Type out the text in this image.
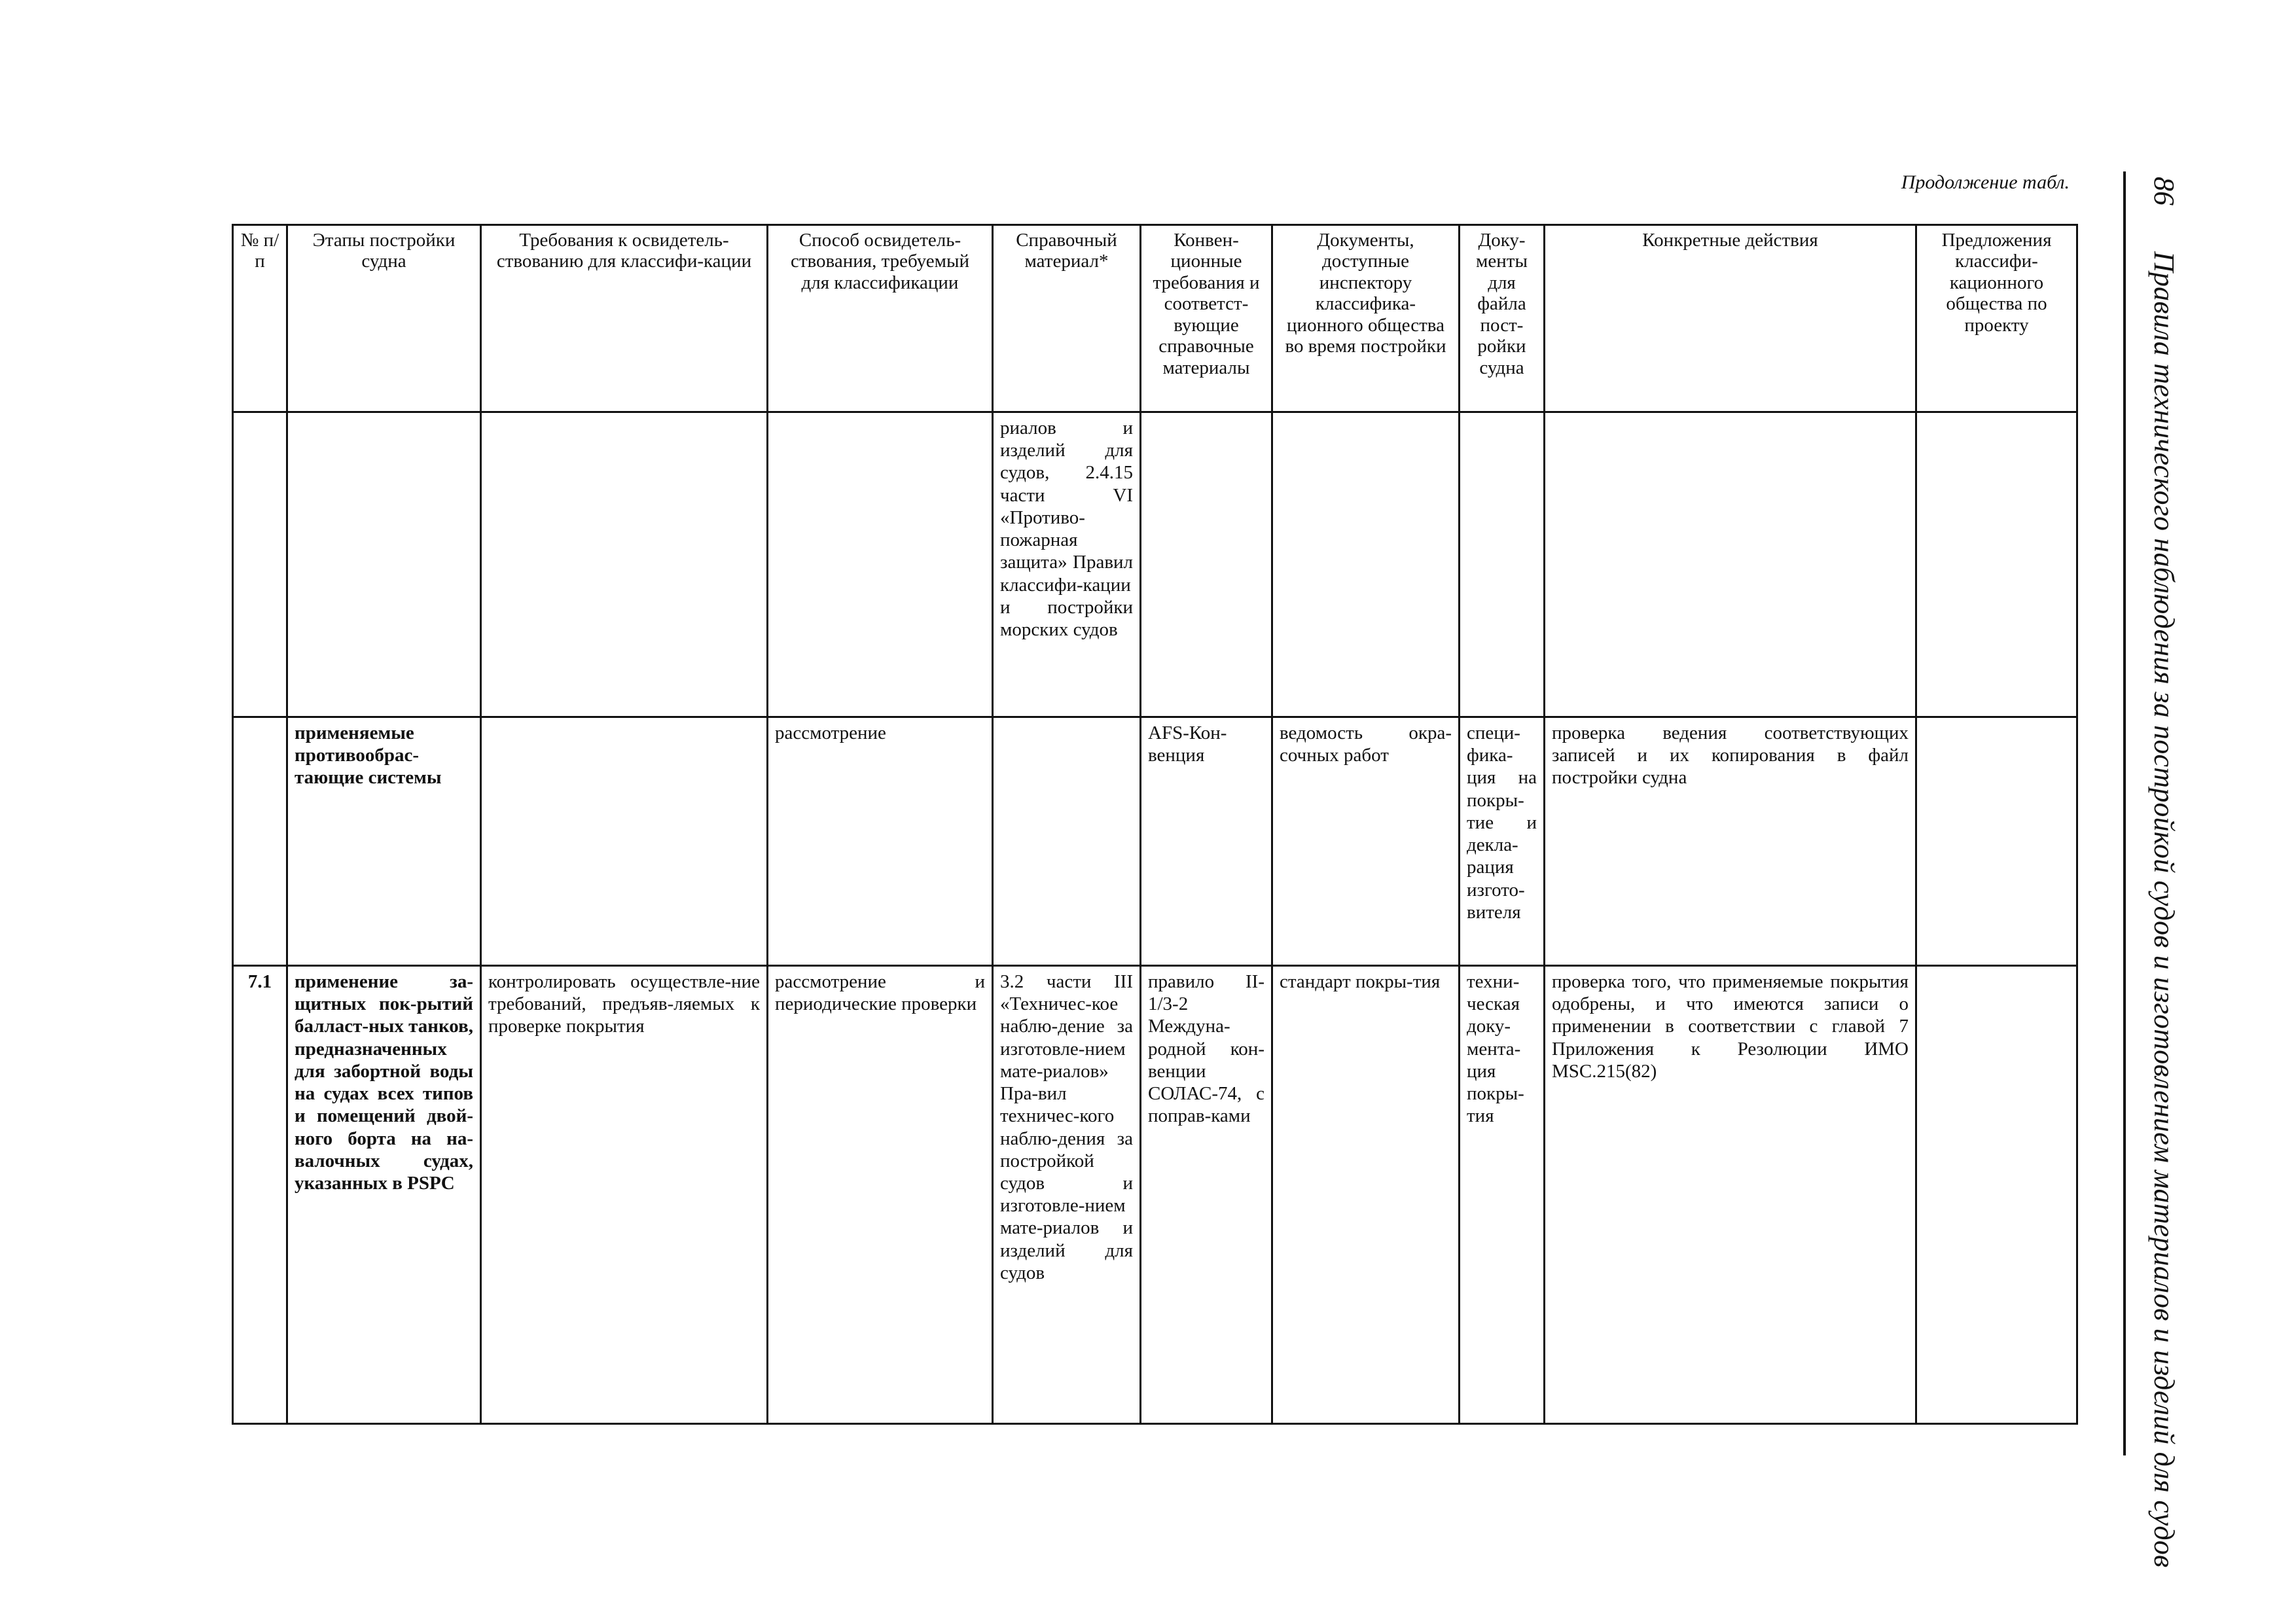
Продолжение табл.	86
Правила технического наблюдения за постройкой судов и изготовлением материалов и изделий для судов
№ п/п	Этапы постройки судна	Требования к освидетель-ствованию для классифи-кации	Способ освидетель-ствования, требуемый для классификации	Справочный материал*	Конвен-ционные требования и соответст-вующие справочные материалы	Документы, доступные инспектору классифика-ционного общества во время постройки	Доку-менты для файла пост-ройки судна	Конкретные действия	Предложения классифи-кационного общества по проекту
				риалов и изделий для судов, 2.4.15 части VI «Противо-пожарная защита» Правил классифи-кации и постройки морских судов					
	применяемые противообрас-тающие системы		рассмотрение		AFS-Кон-венция	ведомость окра-сочных работ	специ-фика-ция на покры-тие и декла-рация изгото-вителя	проверка ведения соответствующих записей и их копирования в файл постройки судна	
7.1	применение за-щитных пок-рытий балласт-ных танков, предназначенных для забортной воды на судах всех типов и помещений двой-ного борта на на-валочных судах, указанных в PSPC	контролировать осуществле-ние требований, предъяв-ляемых к проверке покрытия	рассмотрение и периодические проверки	3.2 части III «Техничес-кое наблю-дение за изготовле-нием мате-риалов» Пра-вил техничес-кого наблю-дения за постройкой судов и изготовле-нием мате-риалов и изделий для судов	правило II-1/3-2 Междуна-родной кон-венции СОЛАС-74, с поправ-ками	стандарт покры-тия	техни-ческая доку-мента-ция покры-тия	проверка того, что применяемые покрытия одобрены, и что имеются записи о применении в соответствии с главой 7 Приложения к Резолюции ИМО MSC.215(82)	
